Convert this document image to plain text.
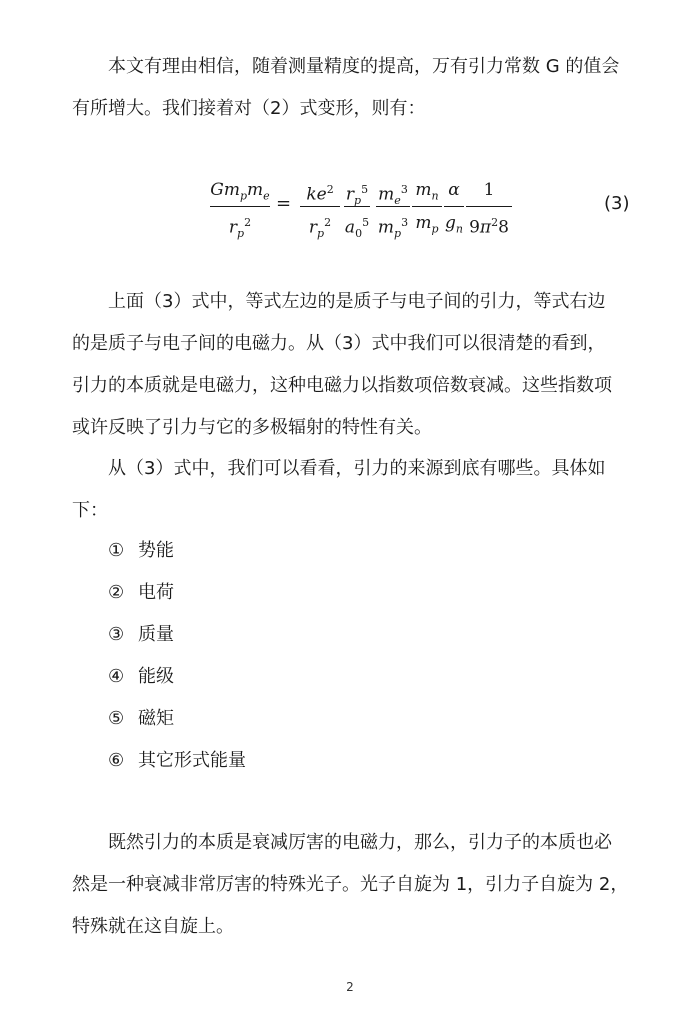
本文有理由相信，随着测量精度的提高，万有引力常数 G 的值会
有所增大。我们接着对（2）式变形，则有：

$Gm_pm_e$
$r_p^2$
= $ke^2$
$r_p^2$
$r_p^5$
$a_0^5$
$m_e^3$
$m_p^3$
$m_n$
$m_p$
α
$g_n$
1
$9\pi^28$
(3)

上面（3）式中，等式左边的是质子与电子间的引力，等式右边
的是质子与电子间的电磁力。从（3）式中我们可以很清楚的看到，
引力的本质就是电磁力，这种电磁力以指数项倍数衰减。这些指数项
或许反映了引力与它的多极辐射的特性有关。

从（3）式中，我们可以看看，引力的来源到底有哪些。具体如
下：

① 势能
② 电荷
③ 质量
④ 能级
⑤ 磁矩
⑥ 其它形式能量

既然引力的本质是衰减厉害的电磁力，那么，引力子的本质也必
然是一种衰减非常厉害的特殊光子。光子自旋为 1，引力子自旋为 2，
特殊就在这自旋上。

2
